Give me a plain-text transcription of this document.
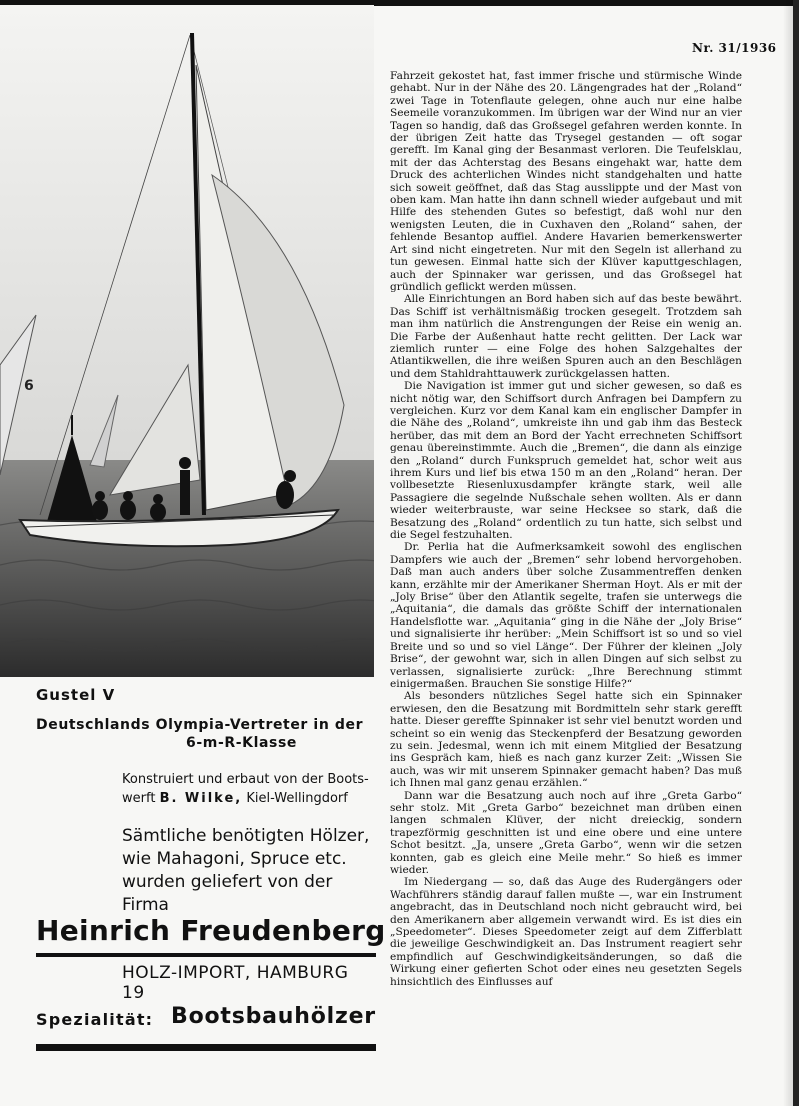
Nr. 31/1936
6
Gustel V
Deutschlands Olympia-Vertreter in der
6-m-R-Klasse
Konstruiert und erbaut von der Boots-werft B. Wilke, Kiel-Wellingdorf
Sämtliche benötigten Hölzer, wie Mahagoni, Spruce etc. wurden geliefert von der Firma
Heinrich Freudenberg
HOLZ-IMPORT, HAMBURG 19
Spezialität: Bootsbauhölzer

Fahrzeit gekostet hat, fast immer frische und stürmische Winde gehabt. Nur in der Nähe des 20. Längengrades hat der „Roland“ zwei Tage in Totenflaute gelegen, ohne auch nur eine halbe Seemeile voranzukommen. Im übrigen war der Wind nur an vier Tagen so handig, daß das Großsegel gefahren werden konnte. In der übrigen Zeit hatte das Trysegel gestanden — oft sogar gerefft. Im Kanal ging der Besanmast verloren. Die Teufelsklau, mit der das Achterstag des Besans eingehakt war, hatte dem Druck des achterlichen Windes nicht standgehalten und hatte sich soweit geöffnet, daß das Stag ausslippte und der Mast von oben kam. Man hatte ihn dann schnell wieder aufgebaut und mit Hilfe des stehenden Gutes so befestigt, daß wohl nur den wenigsten Leuten, die in Cuxhaven den „Roland“ sahen, der fehlende Besantop auffiel. Andere Havarien bemerkenswerter Art sind nicht eingetreten. Nur mit den Segeln ist allerhand zu tun gewesen. Einmal hatte sich der Klüver kaputtgeschlagen, auch der Spinnaker war gerissen, und das Großsegel hat gründlich geflickt werden müssen.

Alle Einrichtungen an Bord haben sich auf das beste bewährt. Das Schiff ist verhältnismäßig trocken gesegelt. Trotzdem sah man ihm natürlich die Anstrengungen der Reise ein wenig an. Die Farbe der Außenhaut hatte recht gelitten. Der Lack war ziemlich runter — eine Folge des hohen Salzgehaltes der Atlantikwellen, die ihre weißen Spuren auch an den Beschlägen und dem Stahldrahttauwerk zurückgelassen hatten.

Die Navigation ist immer gut und sicher gewesen, so daß es nicht nötig war, den Schiffsort durch Anfragen bei Dampfern zu vergleichen. Kurz vor dem Kanal kam ein englischer Dampfer in die Nähe des „Roland“, umkreiste ihn und gab ihm das Besteck herüber, das mit dem an Bord der Yacht errechneten Schiffsort genau übereinstimmte. Auch die „Bremen“, die dann als einzige den „Roland“ durch Funkspruch gemeldet hat, schor weit aus ihrem Kurs und lief bis etwa 150 m an den „Roland“ heran. Der vollbesetzte Riesenluxusdampfer krängte stark, weil alle Passagiere die segelnde Nußschale sehen wollten. Als er dann wieder weiterbrauste, war seine Hecksee so stark, daß die Besatzung des „Roland“ ordentlich zu tun hatte, sich selbst und die Segel festzuhalten.

Dr. Perlia hat die Aufmerksamkeit sowohl des englischen Dampfers wie auch der „Bremen“ sehr lobend hervorgehoben. Daß man auch anders über solche Zusammentreffen denken kann, erzählte mir der Amerikaner Sherman Hoyt. Als er mit der „Joly Brise“ über den Atlantik segelte, trafen sie unterwegs die „Aquitania“, die damals das größte Schiff der internationalen Handelsflotte war. „Aquitania“ ging in die Nähe der „Joly Brise“ und signalisierte ihr herüber: „Mein Schiffsort ist so und so viel Breite und so und so viel Länge“. Der Führer der kleinen „Joly Brise“, der gewohnt war, sich in allen Dingen auf sich selbst zu verlassen, signalisierte zurück: „Ihre Berechnung stimmt einigermaßen. Brauchen Sie sonstige Hilfe?“

Als besonders nützliches Segel hatte sich ein Spinnaker erwiesen, den die Besatzung mit Bordmitteln sehr stark gerefft hatte. Dieser gereffte Spinnaker ist sehr viel benutzt worden und scheint so ein wenig das Steckenpferd der Besatzung geworden zu sein. Jedesmal, wenn ich mit einem Mitglied der Besatzung ins Gespräch kam, hieß es nach ganz kurzer Zeit: „Wissen Sie auch, was wir mit unserem Spinnaker gemacht haben? Das muß ich Ihnen mal ganz genau erzählen.“

Dann war die Besatzung auch noch auf ihre „Greta Garbo“ sehr stolz. Mit „Greta Garbo“ bezeichnet man drüben einen langen schmalen Klüver, der nicht dreieckig, sondern trapezförmig geschnitten ist und eine obere und eine untere Schot besitzt. „Ja, unsere „Greta Garbo“, wenn wir die setzen konnten, gab es gleich eine Meile mehr.“ So hieß es immer wieder.

Im Niedergang — so, daß das Auge des Rudergängers oder Wachführers ständig darauf fallen mußte —, war ein Instrument angebracht, das in Deutschland noch nicht gebraucht wird, bei den Amerikanern aber allgemein verwandt wird. Es ist dies ein „Speedometer“. Dieses Speedometer zeigt auf dem Zifferblatt die jeweilige Geschwindigkeit an. Das Instrument reagiert sehr empfindlich auf Geschwindigkeitsänderungen, so daß die Wirkung einer gefierten Schot oder eines neu gesetzten Segels hinsichtlich des Einflusses auf
